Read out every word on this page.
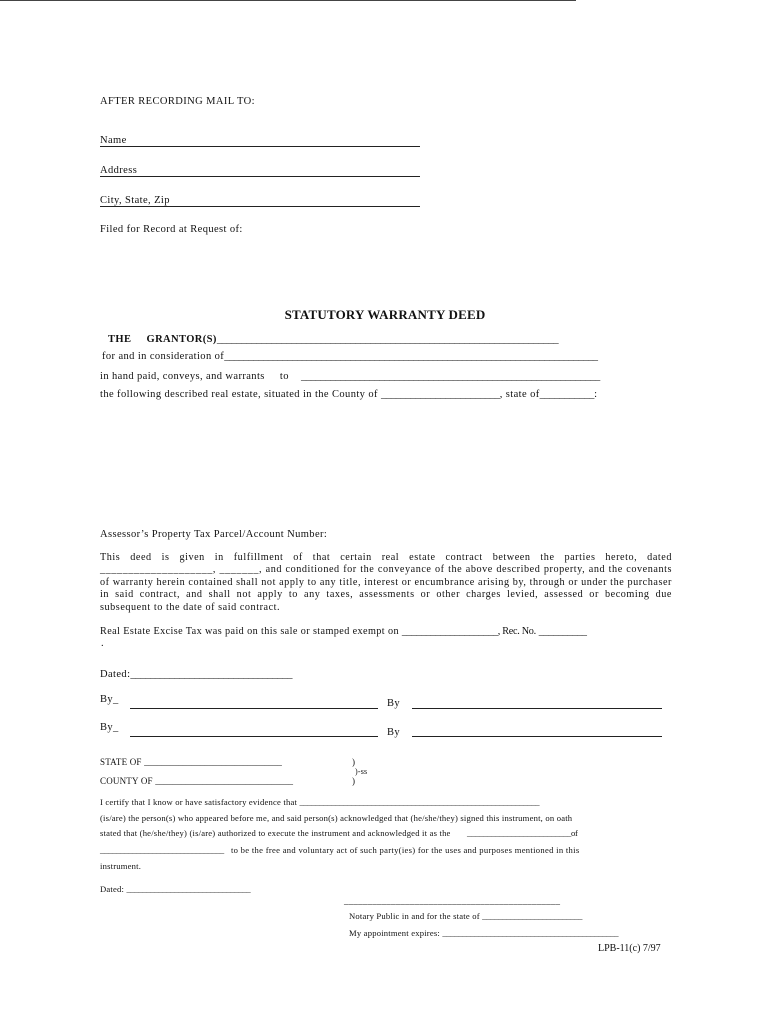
AFTER RECORDING MAIL TO:
Name
Address
City, State, Zip
Filed for Record at Request of:
STATUTORY WARRANTY DEED
THE GRANTOR(S)_____________________________________________________________________
for and in consideration of_____________________________________________________________________________
in hand paid, conveys, and warrants to _____________________________________________________________
the following described real estate, situated in the County of ________________________, state of___________:
Assessor’s Property Tax Parcel/Account Number:
This deed is given in fulfillment of that certain real estate contract between the parties hereto, dated ____________________, _______, and conditioned for the conveyance of the above described property, and the covenants of warranty herein contained shall not apply to any title, interest or encumbrance arising by, through or under the purchaser in said contract, and shall not apply to any taxes, assessments or other charges levied, assessed or becoming due subsequent to the date of said contract.
Real Estate Excise Tax was paid on this sale or stamped exempt on ____________________, Rec. No. __________
.
Dated:_________________________________
By_	By
By_	By
STATE OF ________________________________	)
)-ss
COUNTY OF ________________________________	)
I certify that I know or have satisfactory evidence that ____________________________________________________________
(is/are) the person(s) who appeared before me, and said person(s) acknowledged that (he/she/they) signed this instrument, on oath
stated that (he/she/they) (is/are) authorized to execute the instrument and acknowledged it as the __________________________of
_______________________________ to be the free and voluntary act of such party(ies) for the uses and purposes mentioned in this
instrument.
Dated: _______________________________
______________________________________________
Notary Public in and for the state of _________________________
My appointment expires: ____________________________________________
LPB-11(c) 7/97
